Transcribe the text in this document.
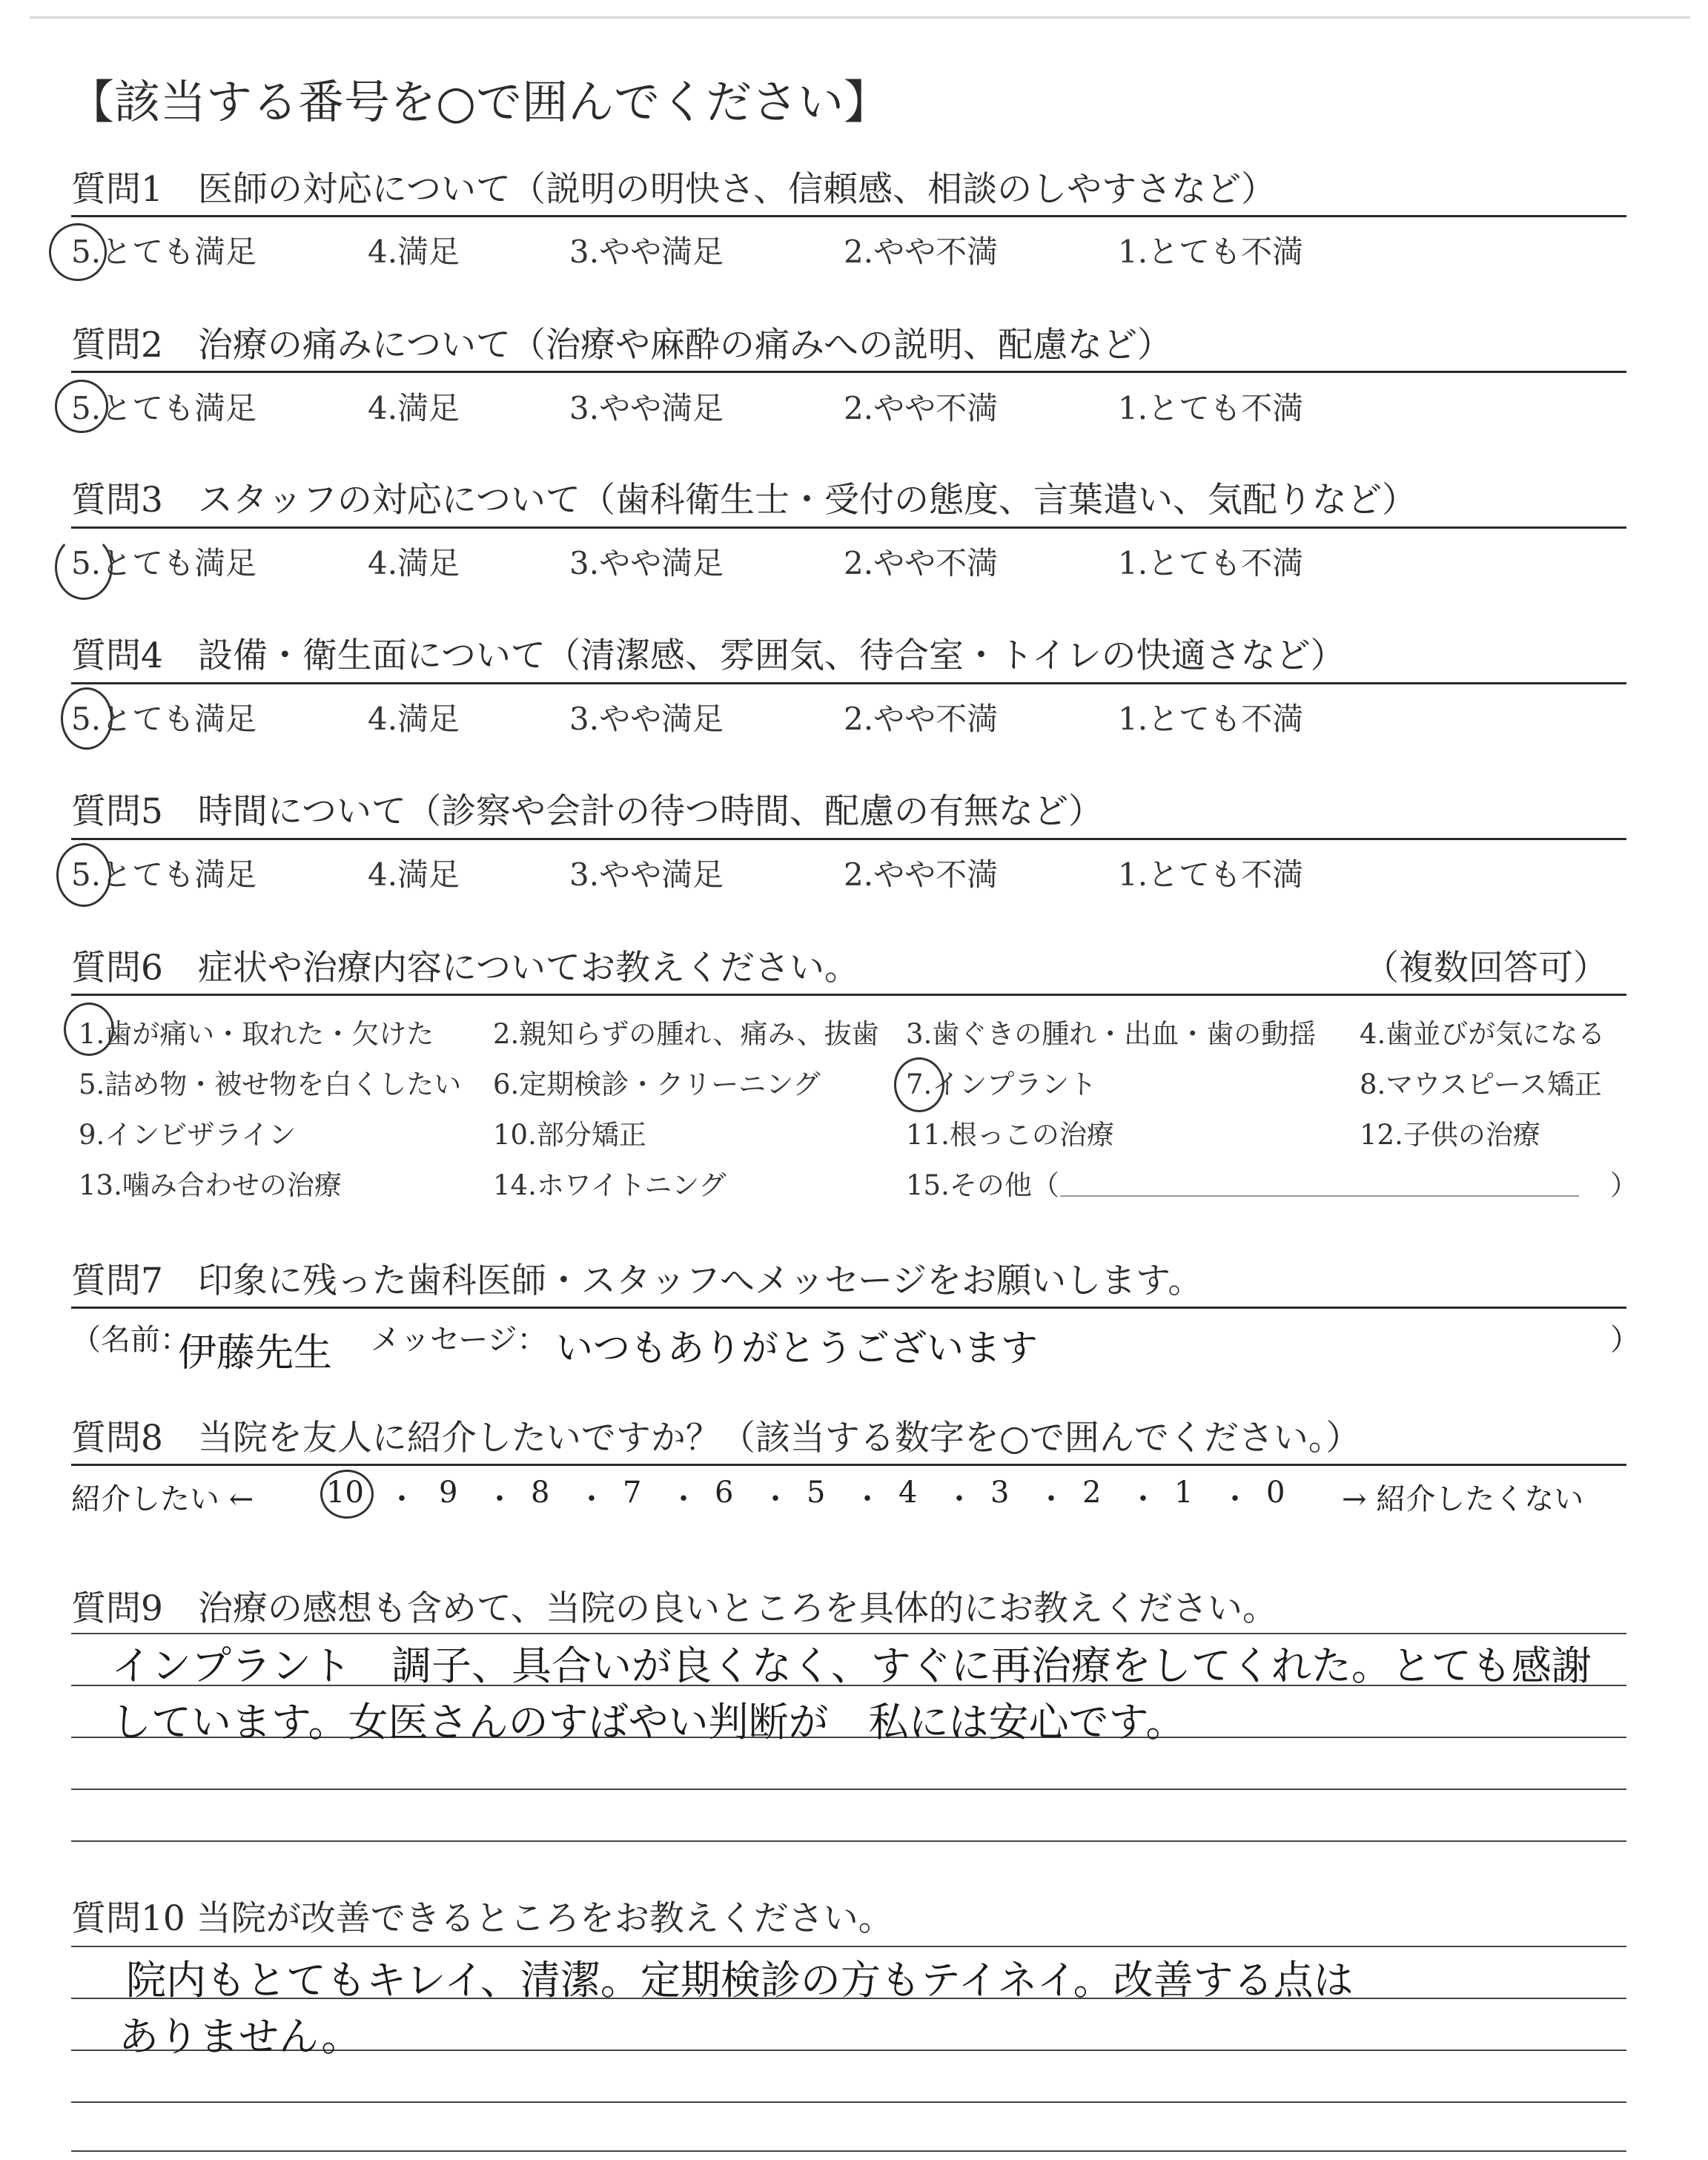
【該当する番号を○で囲んでください】
質問1　医師の対応について（説明の明快さ、信頼感、相談のしやすさなど）
5.とても満足	4.満足	3.やや満足	2.やや不満	1.とても不満
質問2　治療の痛みについて（治療や麻酔の痛みへの説明、配慮など）
5.とても満足	4.満足	3.やや満足	2.やや不満	1.とても不満
質問3　スタッフの対応について（歯科衛生士・受付の態度、言葉遣い、気配りなど）
5.とても満足	4.満足	3.やや満足	2.やや不満	1.とても不満
質問4　設備・衛生面について（清潔感、雰囲気、待合室・トイレの快適さなど）
5.とても満足	4.満足	3.やや満足	2.やや不満	1.とても不満
質問5　時間について（診察や会計の待つ時間、配慮の有無など）
5.とても満足	4.満足	3.やや満足	2.やや不満	1.とても不満
質問6　症状や治療内容についてお教えください。	（複数回答可）
1.歯が痛い・取れた・欠けた 2.親知らずの腫れ、痛み、抜歯 3.歯ぐきの腫れ・出血・歯の動揺 4.歯並びが気になる
5.詰め物・被せ物を白くしたい 6.定期検診・クリーニング	7.インプラント	8.マウスピース矯正
9.インビザライン	10.部分矯正	11.根っこの治療	12.子供の治療
13.噛み合わせの治療	14.ホワイトニング	15.その他（	）
質問7　印象に残った歯科医師・スタッフへメッセージをお願いします。
（名前：
伊藤先生 メッセージ： いつもありがとうございます	）
質問8　当院を友人に紹介したいですか？（該当する数字を○で囲んでください。）
紹介したい ← 10 ・ 9 ・ 8 ・ 7 ・ 6 ・ 5 ・ 4 ・ 3 ・ 2 ・ 1 ・ 0 → 紹介したくない
質問9　治療の感想も含めて、当院の良いところを具体的にお教えください。
インプラント　調子、具合いが良くなく、すぐに再治療をしてくれた。とても感謝
しています。女医さんのすばやい判断が　私には安心です。
質問10 当院が改善できるところをお教えください。
院内もとてもキレイ、清潔。定期検診の方もテイネイ。改善する点は
ありません。
